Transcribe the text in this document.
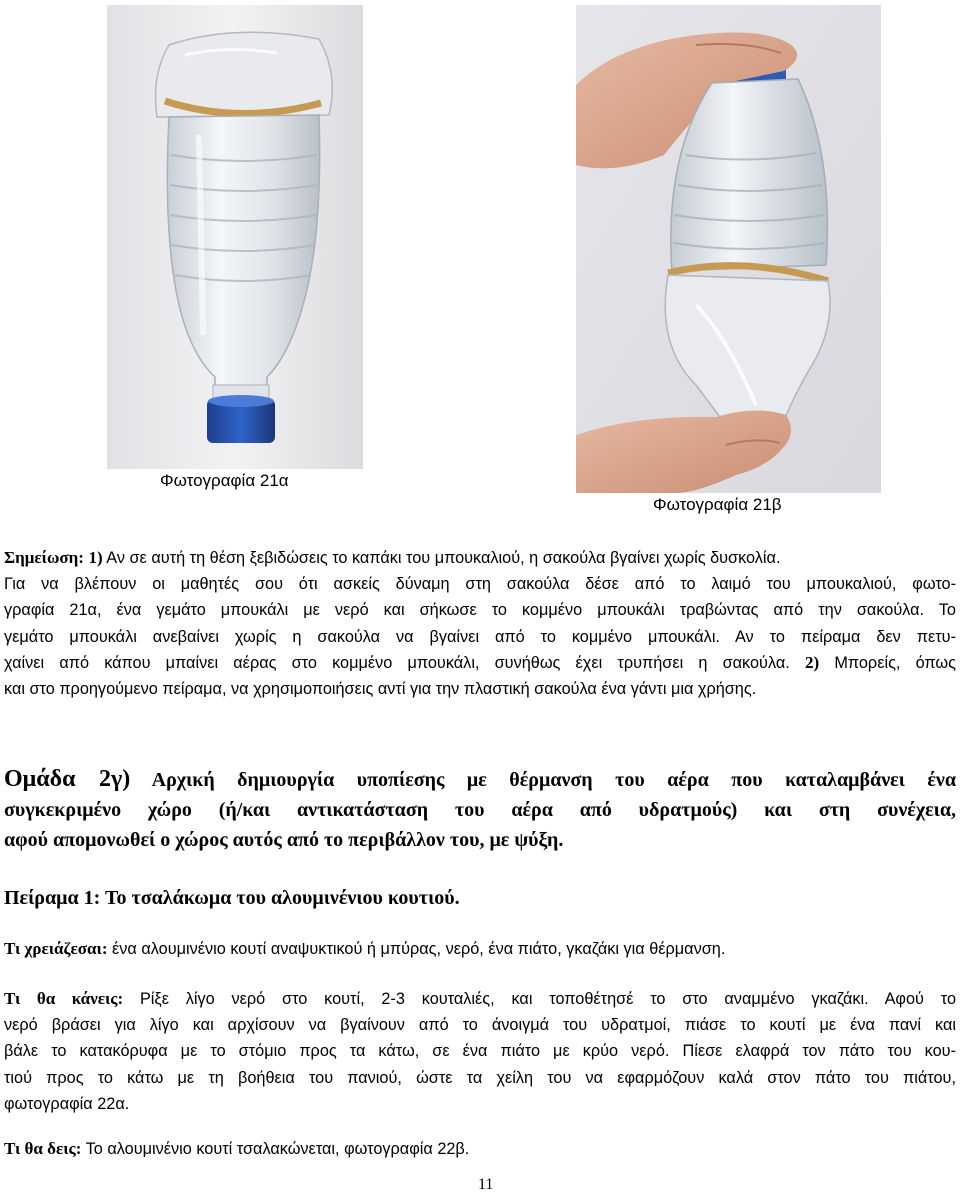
Φωτογραφία 21α
Φωτογραφία 21β
Σημείωση: 1) Αν σε αυτή τη θέση ξεβιδώσεις το καπάκι του μπουκαλιού, η σακούλα βγαίνει χωρίς δυσκολία.
Για να βλέπουν οι μαθητές σου ότι ασκείς δύναμη στη σακούλα δέσε από το λαιμό του μπουκαλιού, φωτο-
γραφία 21α, ένα γεμάτο μπουκάλι με νερό και σήκωσε το κομμένο μπουκάλι τραβώντας από την σακούλα. Το
γεμάτο μπουκάλι ανεβαίνει χωρίς η σακούλα να βγαίνει από το κομμένο μπουκάλι. Αν το πείραμα δεν πετυ-
χαίνει από κάπου μπαίνει αέρας στο κομμένο μπουκάλι, συνήθως έχει τρυπήσει η σακούλα. 2) Μπορείς, όπως
και στο προηγούμενο πείραμα, να χρησιμοποιήσεις αντί για την πλαστική σακούλα ένα γάντι μια χρήσης.
Ομάδα 2γ) Αρχική δημιουργία υποπίεσης με θέρμανση του αέρα που καταλαμβάνει ένα
συγκεκριμένο χώρο (ή/και αντικατάσταση του αέρα από υδρατμούς) και στη συνέχεια,
αφού απομονωθεί ο χώρος αυτός από το περιβάλλον του, με ψύξη.
Πείραμα 1: Το τσαλάκωμα του αλουμινένιου κουτιού.
Τι χρειάζεσαι: ένα αλουμινένιο κουτί αναψυκτικού ή μπύρας, νερό, ένα πιάτο, γκαζάκι για θέρμανση.
Τι θα κάνεις: Ρίξε λίγο νερό στο κουτί, 2-3 κουταλιές, και τοποθέτησέ το στο αναμμένο γκαζάκι. Αφού το
νερό βράσει για λίγο και αρχίσουν να βγαίνουν από το άνοιγμά του υδρατμοί, πιάσε το κουτί με ένα πανί και
βάλε το κατακόρυφα με το στόμιο προς τα κάτω, σε ένα πιάτο με κρύο νερό. Πίεσε ελαφρά τον πάτο του κου-
τιού προς το κάτω με τη βοήθεια του πανιού, ώστε τα χείλη του να εφαρμόζουν καλά στον πάτο του πιάτου,
φωτογραφία 22α.
Τι θα δεις: Το αλουμινένιο κουτί τσαλακώνεται, φωτογραφία 22β.
11
